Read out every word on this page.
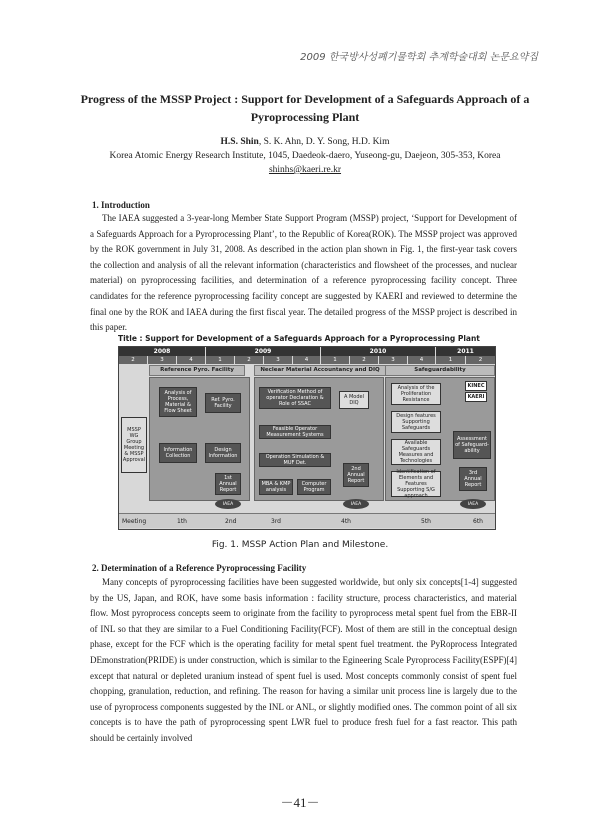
2009 한국방사성폐기물학회 추계학술대회 논문요약집
Progress of the MSSP Project : Support for Development of a Safeguards Approach of a Pyroprocessing Plant
H.S. Shin, S. K. Ahn, D. Y. Song, H.D. Kim
Korea Atomic Energy Research Institute, 1045, Daedeok-daero, Yuseong-gu, Daejeon, 305-353, Korea
shinhs@kaeri.re.kr
1. Introduction

The IAEA suggested a 3-year-long Member State Support Program (MSSP) project, ‘Support for Development of a Safeguards Approach for a Pyroprocessing Plant’, to the Republic of Korea(ROK). The MSSP project was approved by the ROK government in July 31, 2008. As described in the action plan shown in Fig. 1, the first-year task covers the collection and analysis of all the relevant information (characteristics and flowsheet of the processes, and nuclear material) on pyroprocessing facilities, and determination of a reference pyroprocessing facility concept. Three candidates for the reference pyroprocessing facility concept are suggested by KAERI and reviewed to determine the final one by the ROK and IAEA during the first fiscal year. The detailed progress of the MSSP project is described in this paper.

Title : Support for Development of a Safeguards Approach for a Pyroprocessing Plant
2008	2009	2010	2011
2	3	4	1	2	3	4	1	2	3	4	1	2
Reference Pyro. Facility	Neclear Material Accountancy and DIQ	Safeguardability
MSSP WG Group Meeting & MSSP Approval
Analysis of Process, Material & Flow Sheet
Ref. Pyro. Facility
Information Collection
Design Information
1st Annual Report
IAEA
Verification Method of operator Declaration & Role of SSAC
A Model DIQ
Feasible Operator Measurement Systems
Operation Simulation & MUF Det.
MBA & KMP analysis
Computer Program
2nd Annual Report
IAEA
Analysis of the Proliferation Resistance
KINEC
KAERI
Design features Supporting Safeguards
Available Safeguards Measures and Technologies
Identification of Elements and Features Supporting S/G approach
Assessment of Safeguard-ability
3rd Annual Report
IAEA
Meeting	1th	2nd	3rd	4th	5th	6th
Fig. 1. MSSP Action Plan and Milestone.
2. Determination of a Reference Pyroprocessing Facility

Many concepts of pyroprocessing facilities have been suggested worldwide, but only six concepts[1-4] suggested by the US, Japan, and ROK, have some basis information : facility structure, process characteristics, and material flow. Most pyroprocess concepts seem to originate from the facility to pyroprocess metal spent fuel from the EBR-II of INL so that they are similar to a Fuel Conditioning Facility(FCF). Most of them are still in the conceptual design phase, except for the FCF which is the operating facility for metal spent fuel treatment. the PyRoprocess Integrated DEmonstration(PRIDE) is under construction, which is similar to the Egineering Scale Pyroprocess Facility(ESPF)[4] except that natural or depleted uranium instead of spent fuel is used. Most concepts commonly consist of spent fuel chopping, granulation, reduction, and refining. The reason for having a similar unit process line is largely due to the use of pyroprocess components suggested by the INL or ANL, or slightly modified ones. The common point of all six concepts is to have the path of pyroprocessing spent LWR fuel to produce fresh fuel for a fast reactor. This path should be certainly involved

－41－
